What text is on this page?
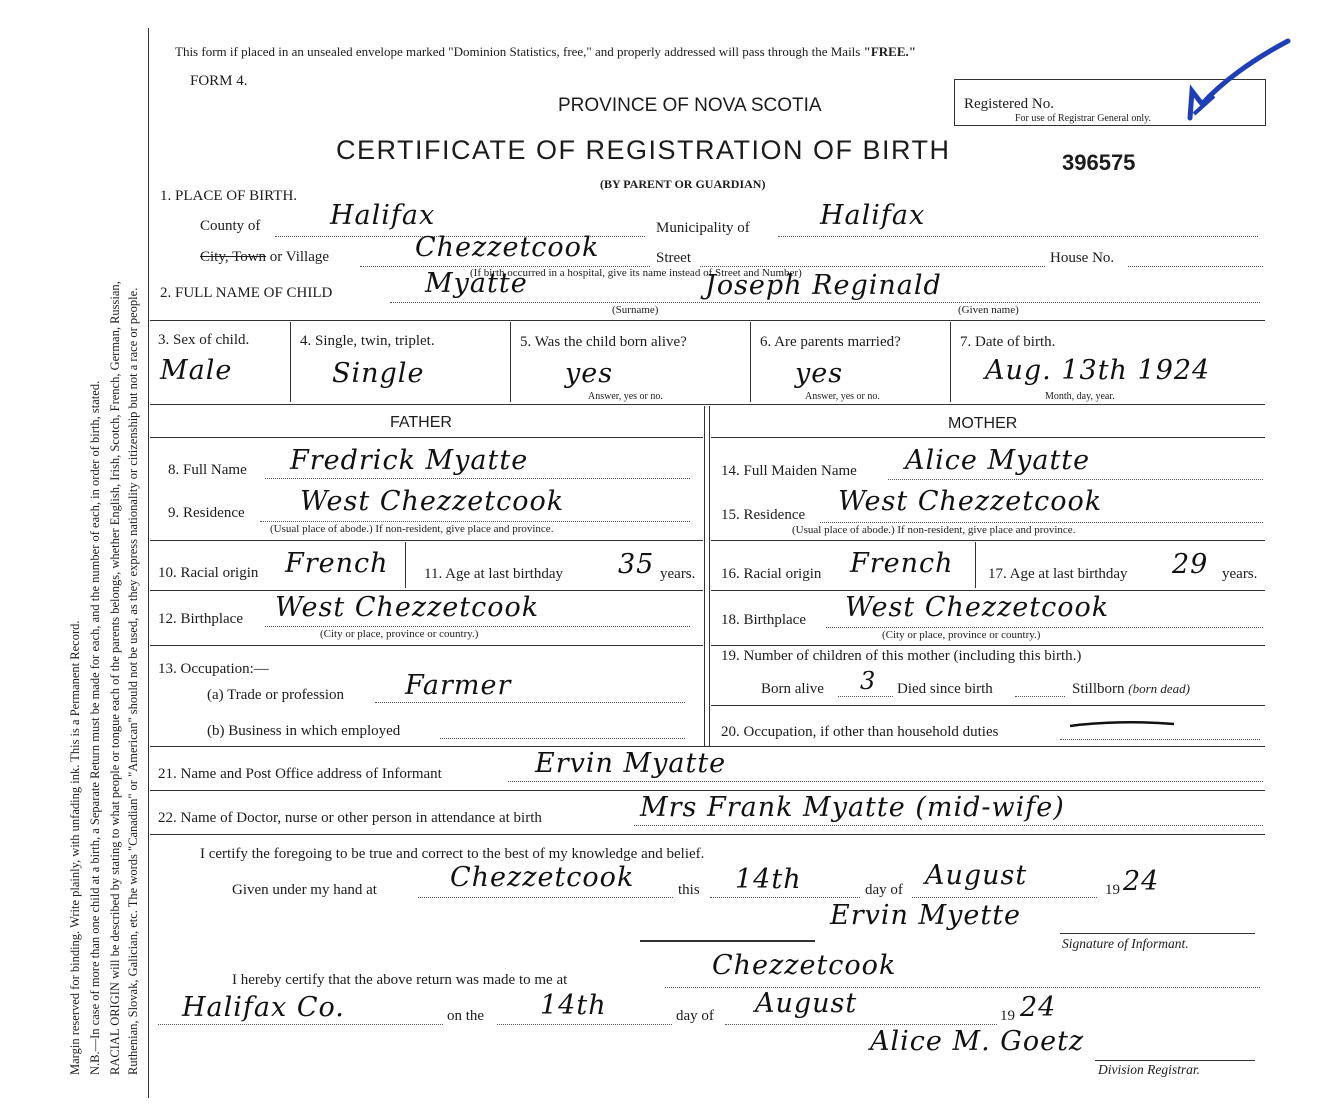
Margin reserved for binding. Write plainly, with unfading ink. This is a Permanent Record. N.B.—In case of more than one child at a birth, a Separate Return must be made for each, and the number of each, in order of birth, stated. RACIAL ORIGIN will be described by stating to what people or tongue each of the parents belongs, whether English, Irish, Scotch, French, German, Russian, Ruthenian, Slovak, Galician, etc. The words "Canadian" or "American" should not be used, as they express nationality or citizenship but not a race or people.
This form if placed in an unsealed envelope marked "Dominion Statistics, free," and properly addressed will pass through the Mails "FREE."
FORM 4.
PROVINCE OF NOVA SCOTIA
CERTIFICATE OF REGISTRATION OF BIRTH
(BY PARENT OR GUARDIAN)
Registered No.
For use of Registrar General only.
396575
1. PLACE OF BIRTH.
County of	Halifax	Municipality of	Halifax
City, Town or Village	Chezzetcook	Street	House No.
(If birth occurred in a hospital, give its name instead of Street and Number)
2. FULL NAME OF CHILD	Myatte
(Surname)
Joseph Reginald
(Given name)
3. Sex of child.
Male
4. Single, twin, triplet.
Single
5. Was the child born alive?
yes
Answer, yes or no.
6. Are parents married?
yes
Answer, yes or no.
7. Date of birth.
Aug. 13th 1924
Month, day, year.
FATHER	MOTHER
8. Full Name Fredrick Myatte
9. Residence West Chezzetcook
(Usual place of abode.) If non-resident, give place and province.
10. Racial origin French 11. Age at last birthday 35 years.
12. Birthplace West Chezzetcook
(City or place, province or country.)
13. Occupation:—
(a) Trade or profession Farmer
(b) Business in which employed
14. Full Maiden Name Alice Myatte
15. Residence West Chezzetcook
(Usual place of abode.) If non-resident, give place and province.
16. Racial origin French 17. Age at last birthday 29 years.
18. Birthplace West Chezzetcook
(City or place, province or country.)
19. Number of children of this mother (including this birth.)
Born alive 3 Died since birth	Stillborn (born dead)
20. Occupation, if other than household duties
21. Name and Post Office address of Informant	Ervin Myatte
22. Name of Doctor, nurse or other person in attendance at birth	Mrs Frank Myatte (mid-wife)
I certify the foregoing to be true and correct to the best of my knowledge and belief.
Given under my hand at	Chezzetcook	this 14th	day of August	19 24
Ervin Myette
Signature of Informant.
I hereby certify that the above return was made to me at	Chezzetcook
Halifax Co.	on the 14th	day of August	19 24
Alice M. Goetz
Division Registrar.
